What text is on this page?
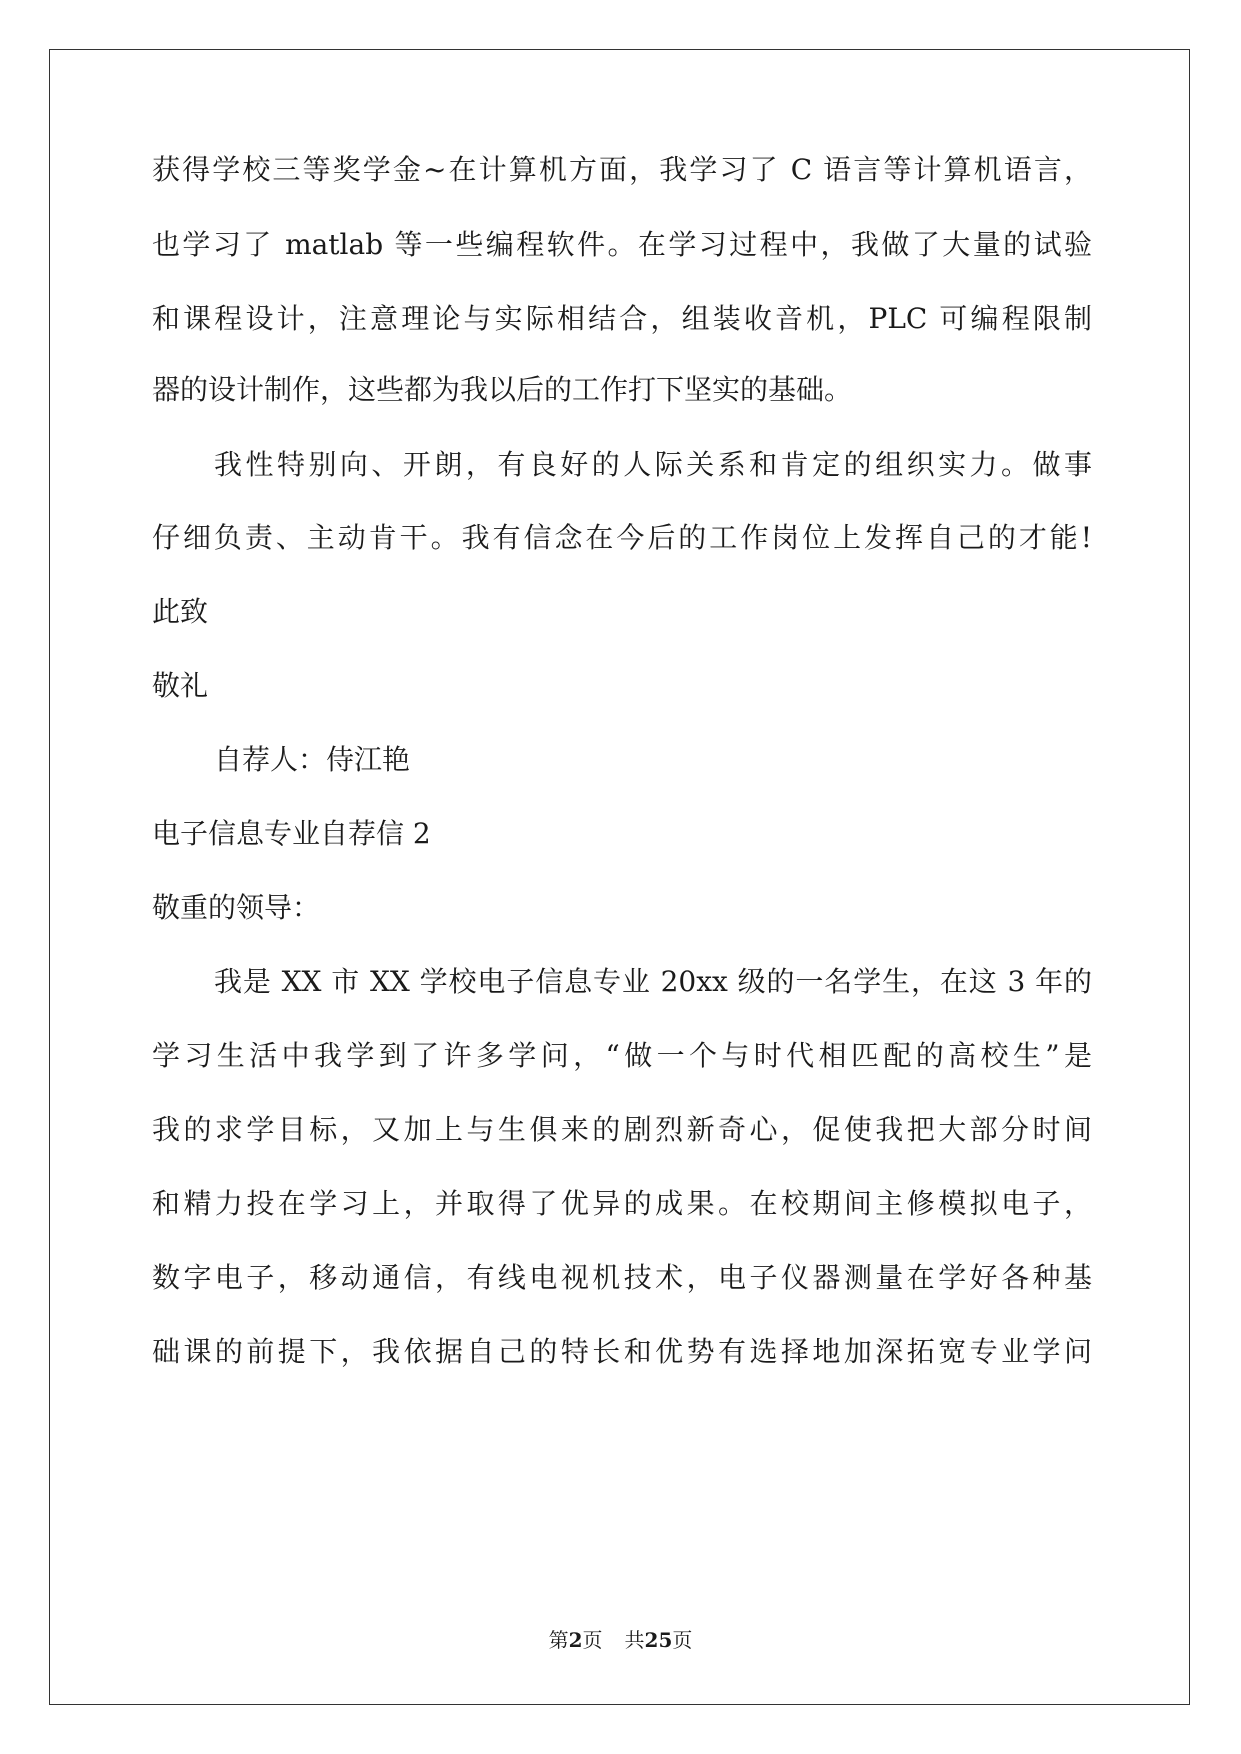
获得学校三等奖学金~在计算机方面，我学习了 C 语言等计算机语言，
也学习了 matlab 等一些编程软件。在学习过程中，我做了大量的试验
和课程设计，注意理论与实际相结合，组装收音机，PLC 可编程限制
器的设计制作，这些都为我以后的工作打下坚实的基础。
我性特别向、开朗，有良好的人际关系和肯定的组织实力。做事
仔细负责、主动肯干。我有信念在今后的工作岗位上发挥自己的才能!
此致
敬礼
自荐人：侍江艳
电子信息专业自荐信 2
敬重的领导：
我是 XX 市 XX 学校电子信息专业 20xx 级的一名学生，在这 3 年的
学习生活中我学到了许多学问，“做一个与时代相匹配的高校生”是
我的求学目标，又加上与生俱来的剧烈新奇心，促使我把大部分时间
和精力投在学习上，并取得了优异的成果。在校期间主修模拟电子，
数字电子，移动通信，有线电视机技术，电子仪器测量在学好各种基
础课的前提下，我依据自己的特长和优势有选择地加深拓宽专业学问
第2页 共25页
